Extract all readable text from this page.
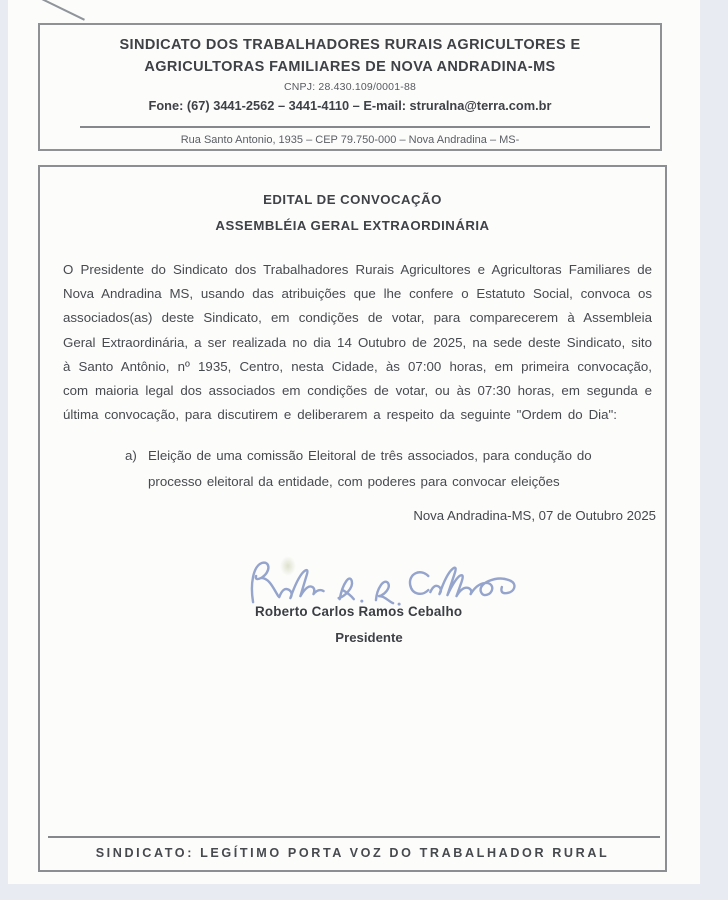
SINDICATO DOS TRABALHADORES RURAIS AGRICULTORES E
AGRICULTORAS FAMILIARES DE NOVA ANDRADINA-MS
CNPJ: 28.430.109/0001-88
Fone: (67) 3441-2562 – 3441-4110 – E-mail: struralna@terra.com.br
Rua Santo Antonio, 1935 – CEP 79.750-000 – Nova Andradina – MS-
EDITAL DE CONVOCAÇÃO
ASSEMBLÉIA GERAL EXTRAORDINÁRIA

O Presidente do Sindicato dos Trabalhadores Rurais Agricultores e Agricultoras Familiares de Nova Andradina MS, usando das atribuições que lhe confere o Estatuto Social, convoca os associados(as) deste Sindicato, em condições de votar, para comparecerem à Assembleia Geral Extraordinária, a ser realizada no dia 14 Outubro de 2025, na sede deste Sindicato, sito à Santo Antônio, nº 1935, Centro, nesta Cidade, às 07:00 horas, em primeira convocação, com maioria legal dos associados em condições de votar, ou às 07:30 horas, em segunda e última convocação, para discutirem e deliberarem a respeito da seguinte "Ordem do Dia":

a) Eleição de uma comissão Eleitoral de três associados, para condução do processo eleitoral da entidade, com poderes para convocar eleições
Nova Andradina-MS, 07 de Outubro 2025
Roberto Carlos Ramos Cebalho
Presidente
SINDICATO: LEGÍTIMO PORTA VOZ DO TRABALHADOR RURAL
